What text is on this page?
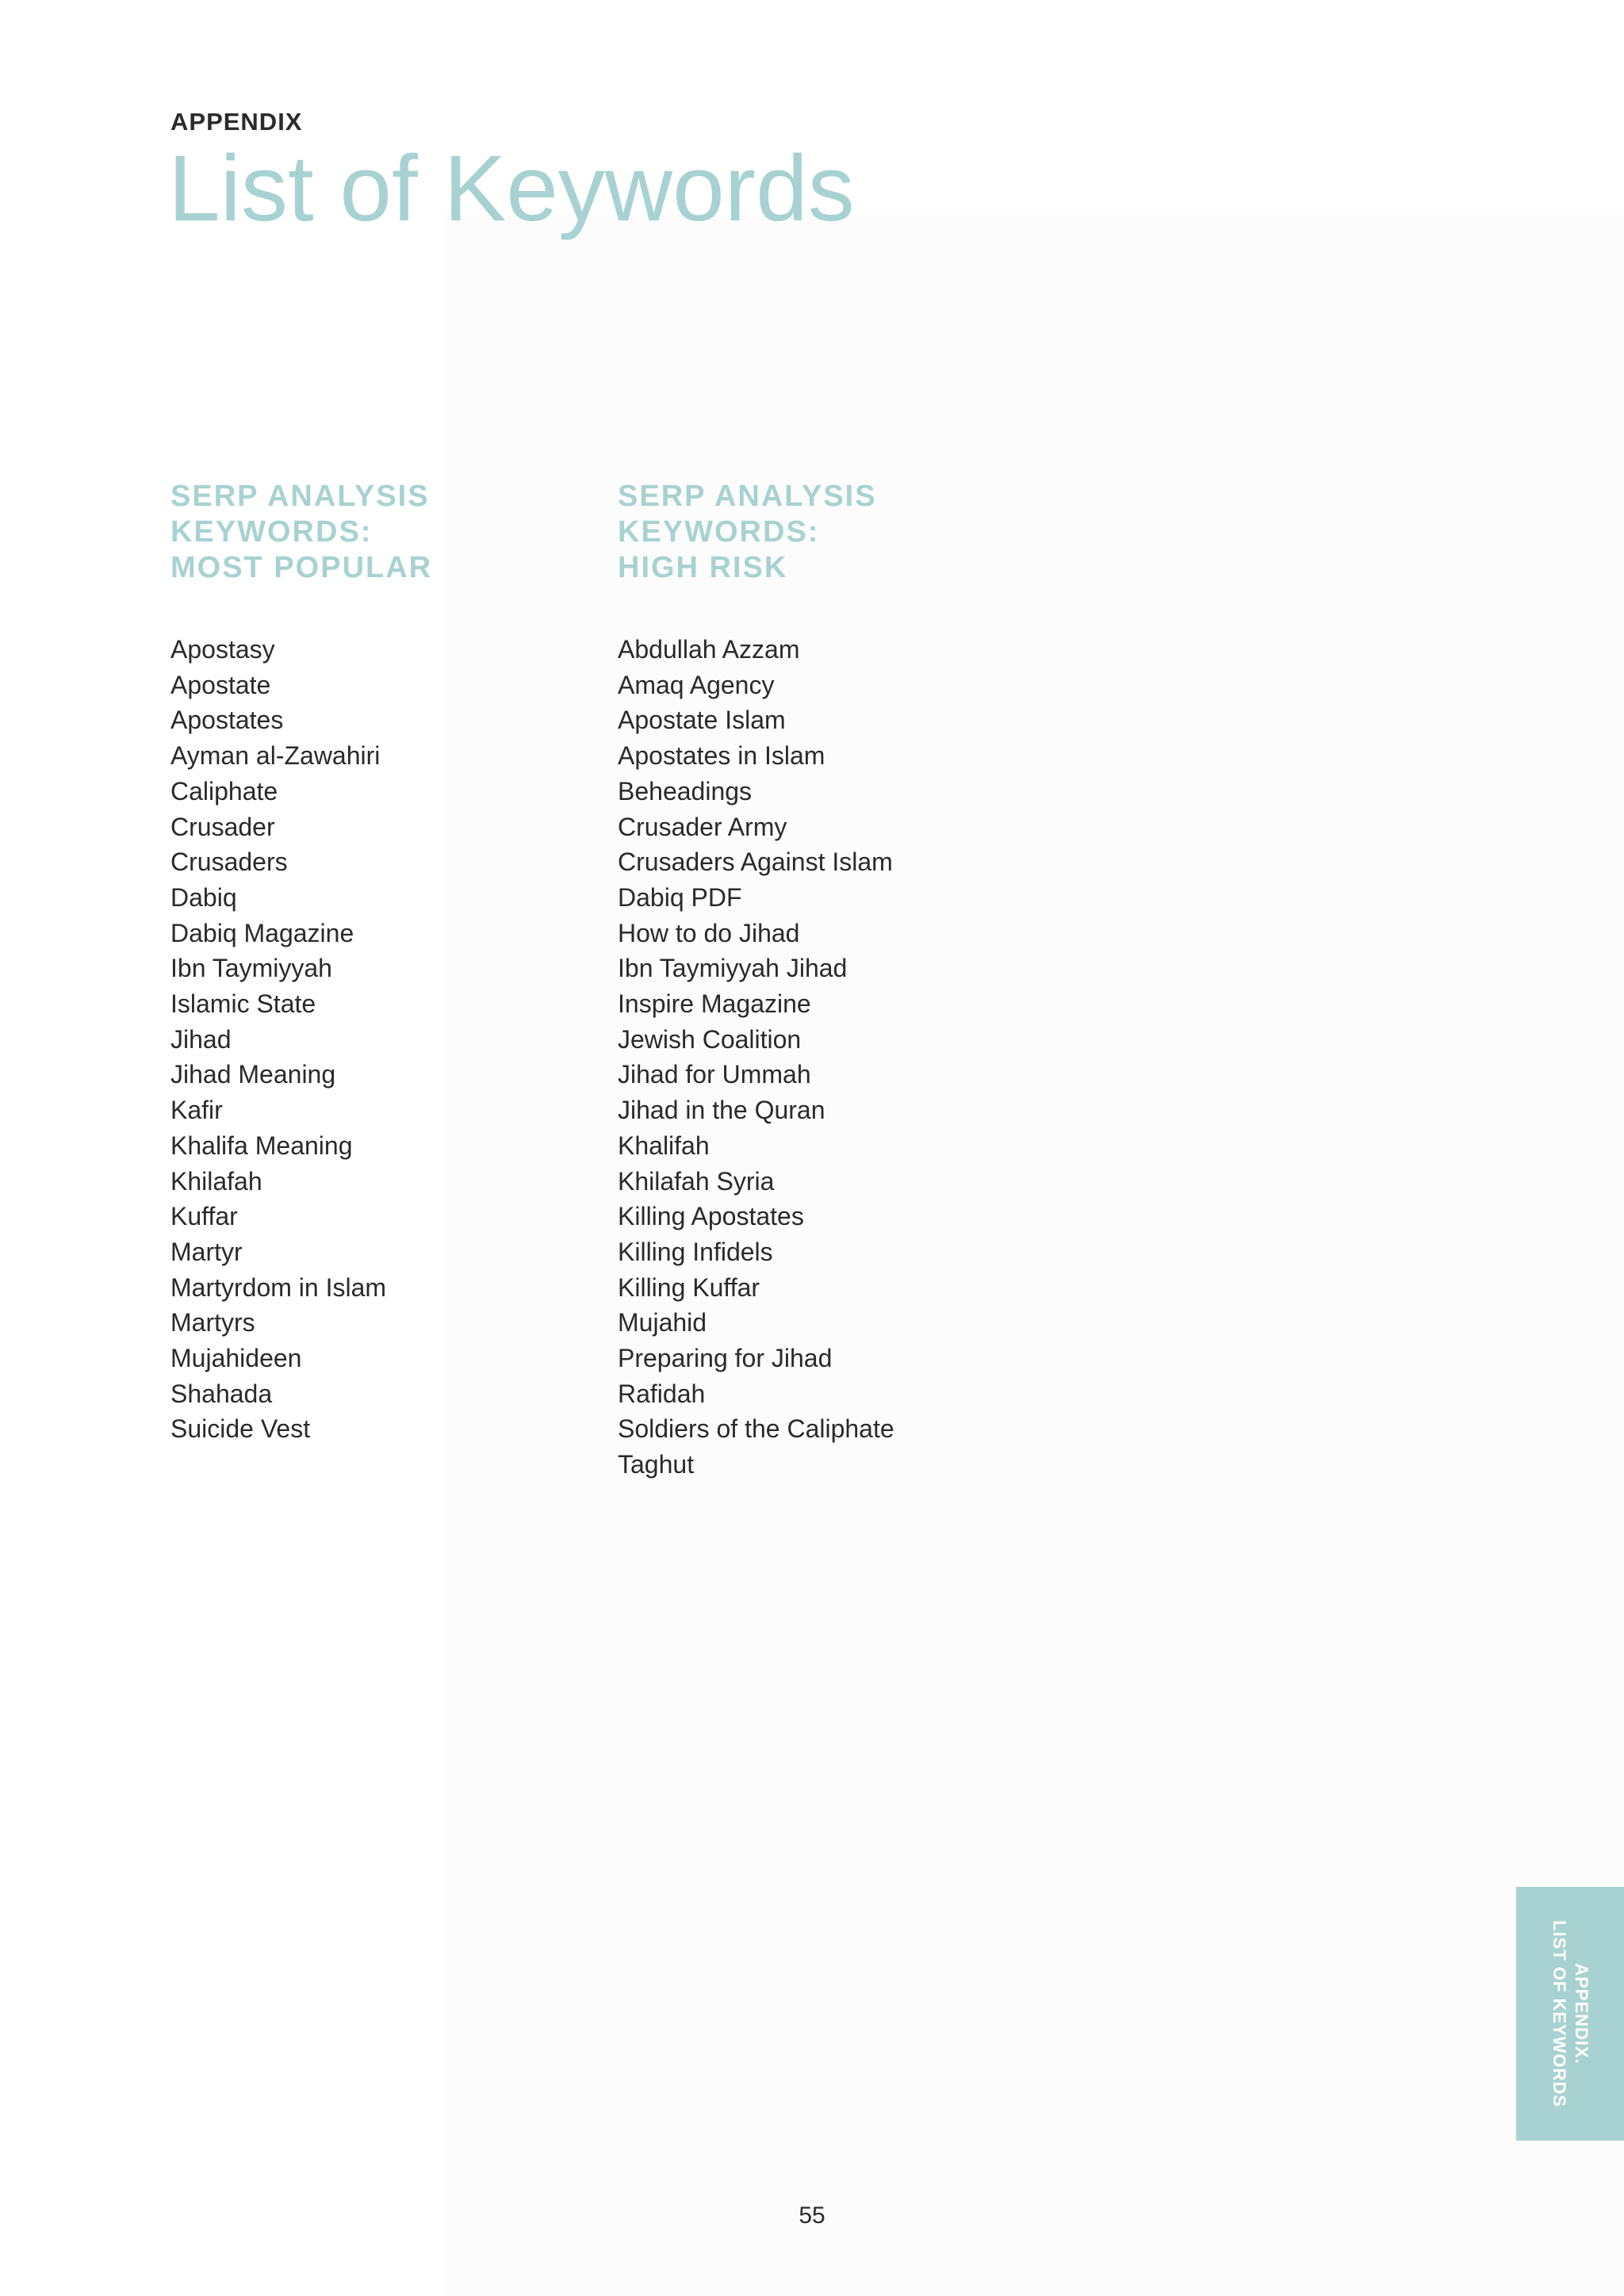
APPENDIX
List of Keywords
SERP ANALYSIS
KEYWORDS:
MOST POPULAR
Apostasy
Apostate
Apostates
Ayman al-Zawahiri
Caliphate
Crusader
Crusaders
Dabiq
Dabiq Magazine
Ibn Taymiyyah
Islamic State
Jihad
Jihad Meaning
Kafir
Khalifa Meaning
Khilafah
Kuffar
Martyr
Martyrdom in Islam
Martyrs
Mujahideen
Shahada
Suicide Vest
SERP ANALYSIS
KEYWORDS:
HIGH RISK
Abdullah Azzam
Amaq Agency
Apostate Islam
Apostates in Islam
Beheadings
Crusader Army
Crusaders Against Islam
Dabiq PDF
How to do Jihad
Ibn Taymiyyah Jihad
Inspire Magazine
Jewish Coalition
Jihad for Ummah
Jihad in the Quran
Khalifah
Khilafah Syria
Killing Apostates
Killing Infidels
Killing Kuffar
Mujahid
Preparing for Jihad
Rafidah
Soldiers of the Caliphate
Taghut
APPENDIX.
LIST OF KEYWORDS
55
